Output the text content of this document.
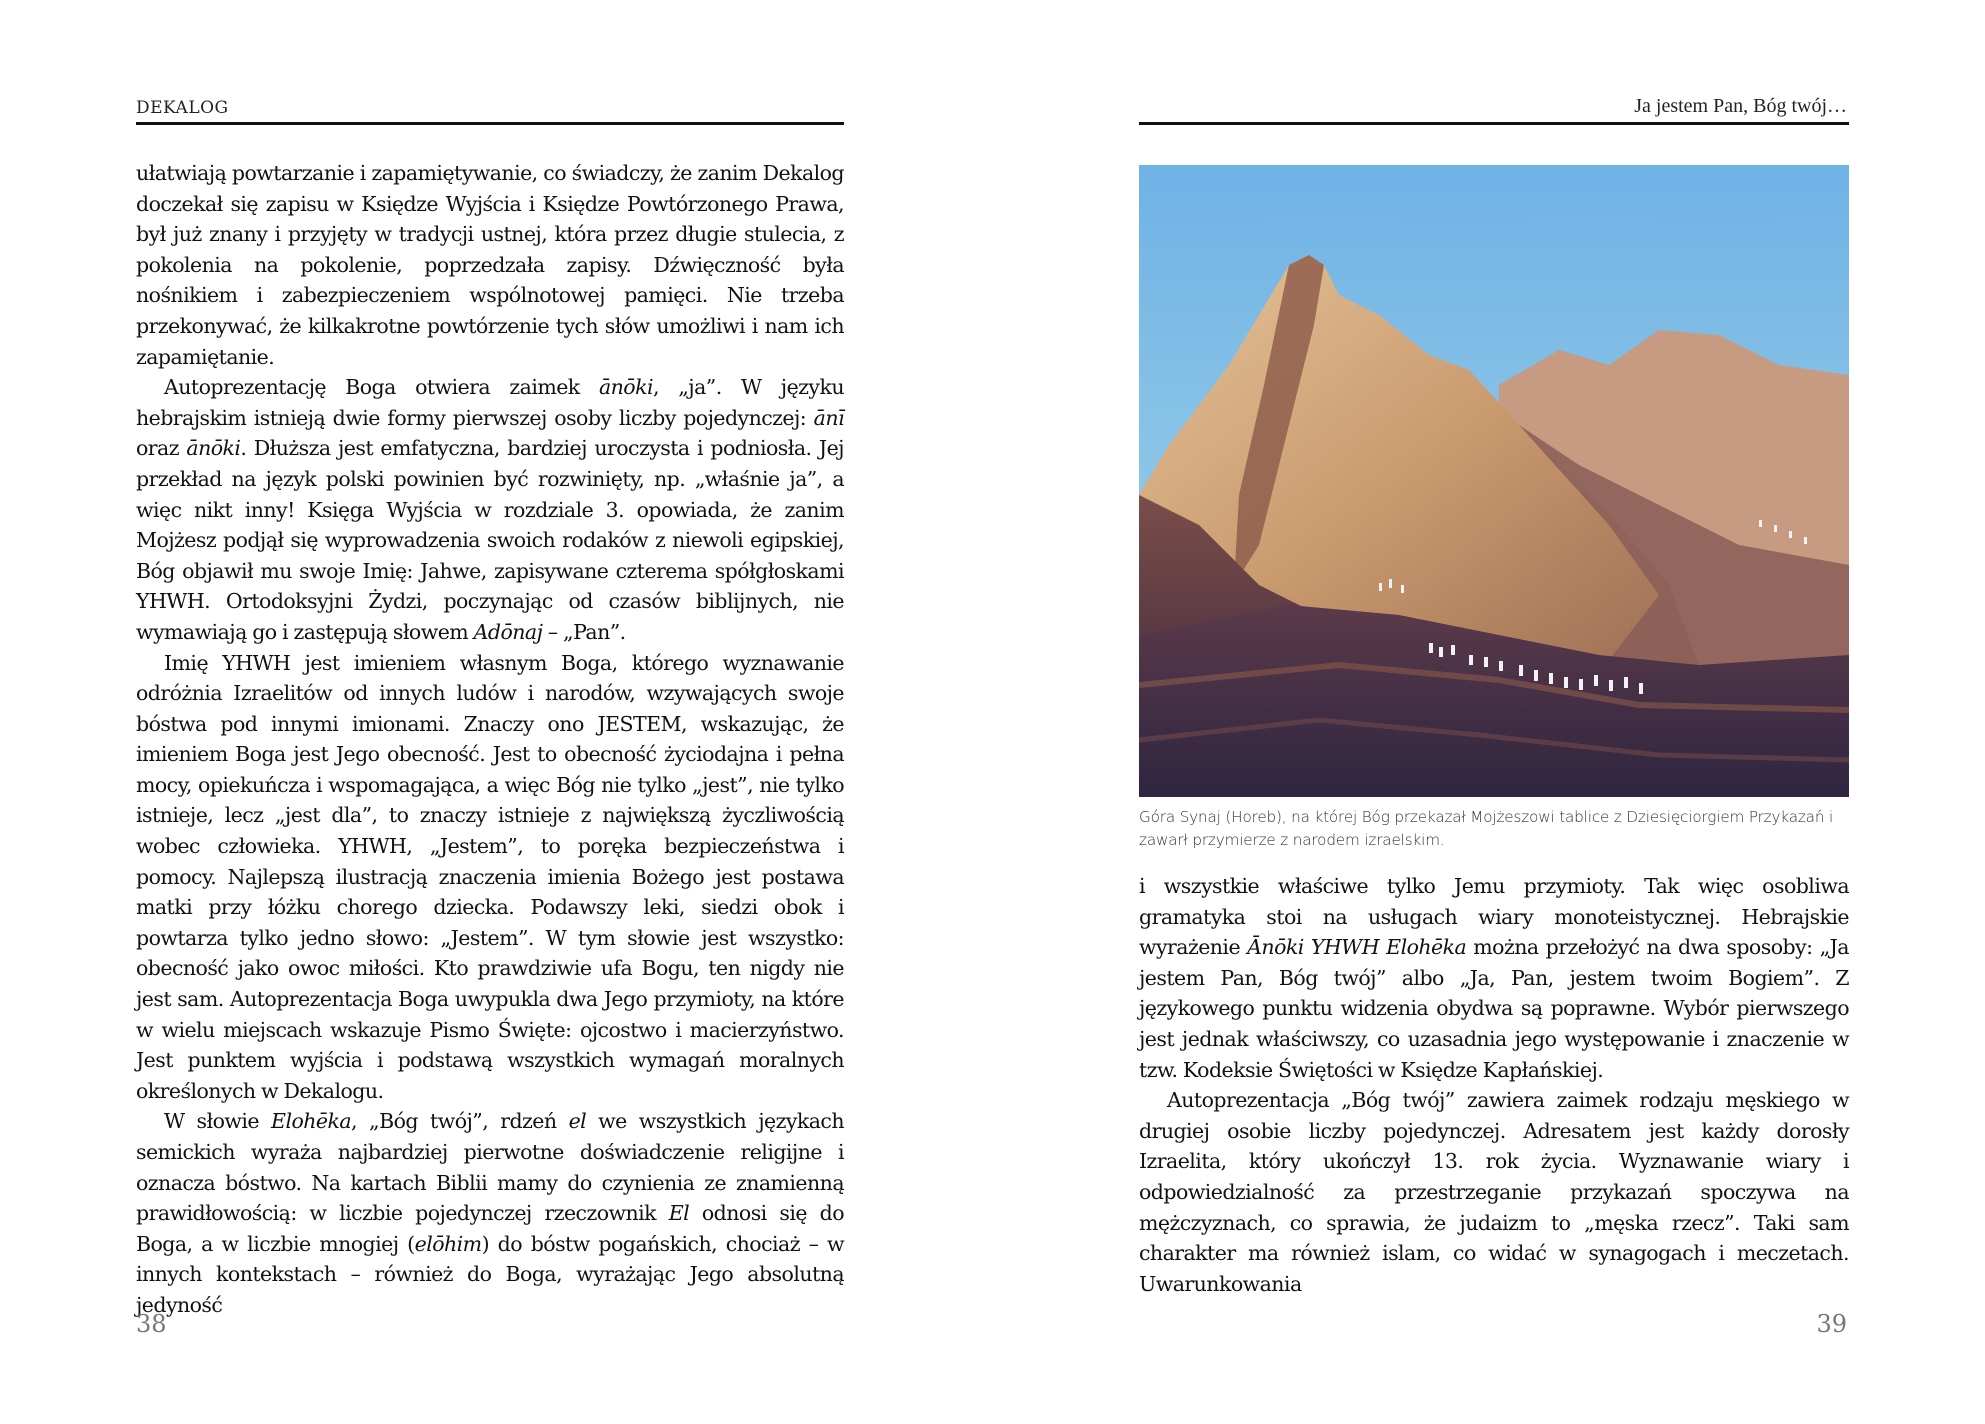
DEKALOG

ułatwiają powtarzanie i zapamiętywanie, co świadczy, że zanim Dekalog doczekał się zapisu w Księdze Wyjścia i Księdze Powtórzonego Prawa, był już znany i przyjęty w tradycji ustnej, która przez długie stulecia, z pokolenia na pokolenie, poprzedzała zapisy. Dźwięczność była nośnikiem i zabezpieczeniem wspólnotowej pamięci. Nie trzeba przekonywać, że kilkakrotne powtórzenie tych słów umożliwi i nam ich zapamiętanie.

Autoprezentację Boga otwiera zaimek ānōki, „ja”. W języku hebrajskim istnieją dwie formy pierwszej osoby liczby pojedynczej: ānī oraz ānōki. Dłuższa jest emfatyczna, bardziej uroczysta i podniosła. Jej przekład na język polski powinien być rozwinięty, np. „właśnie ja”, a więc nikt inny! Księga Wyjścia w rozdziale 3. opowiada, że zanim Mojżesz podjął się wyprowadzenia swoich rodaków z niewoli egipskiej, Bóg objawił mu swoje Imię: Jahwe, zapisywane czterema spółgłoskami YHWH. Ortodoksyjni Żydzi, poczynając od czasów biblijnych, nie wymawiają go i zastępują słowem Adōnaj – „Pan”.

Imię YHWH jest imieniem własnym Boga, którego wyznawanie odróżnia Izraelitów od innych ludów i narodów, wzywających swoje bóstwa pod innymi imionami. Znaczy ono JESTEM, wskazując, że imieniem Boga jest Jego obecność. Jest to obecność życiodajna i pełna mocy, opiekuńcza i wspomagająca, a więc Bóg nie tylko „jest”, nie tylko istnieje, lecz „jest dla”, to znaczy istnieje z największą życzliwością wobec człowieka. YHWH, „Jestem”, to poręka bezpieczeństwa i pomocy. Najlepszą ilustracją znaczenia imienia Bożego jest postawa matki przy łóżku chorego dziecka. Podawszy leki, siedzi obok i powtarza tylko jedno słowo: „Jestem”. W tym słowie jest wszystko: obecność jako owoc miłości. Kto prawdziwie ufa Bogu, ten nigdy nie jest sam. Autoprezentacja Boga uwypukla dwa Jego przymioty, na które w wielu miejscach wskazuje Pismo Święte: ojcostwo i macierzyństwo. Jest punktem wyjścia i podstawą wszystkich wymagań moralnych określonych w Dekalogu.

W słowie Elohēka, „Bóg twój”, rdzeń el we wszystkich językach semickich wyraża najbardziej pierwotne doświadczenie religijne i oznacza bóstwo. Na kartach Biblii mamy do czynienia ze znamienną prawidłowością: w liczbie pojedynczej rzeczownik El odnosi się do Boga, a w liczbie mnogiej (elōhim) do bóstw pogańskich, chociaż – w innych kontekstach – również do Boga, wyrażając Jego absolutną jedyność

38
Ja jestem Pan, Bóg twój…
Góra Synaj (Horeb), na której Bóg przekazał Mojżeszowi tablice z Dziesięciorgiem Przykazań i zawarł przymierze z narodem izraelskim.

i wszystkie właściwe tylko Jemu przymioty. Tak więc osobliwa gramatyka stoi na usługach wiary monoteistycznej. Hebrajskie wyrażenie Ānōki YHWH Elohēka można przełożyć na dwa sposoby: „Ja jestem Pan, Bóg twój” albo „Ja, Pan, jestem twoim Bogiem”. Z językowego punktu widzenia obydwa są poprawne. Wybór pierwszego jest jednak właściwszy, co uzasadnia jego występowanie i znaczenie w tzw. Kodeksie Świętości w Księdze Kapłańskiej.

Autoprezentacja „Bóg twój” zawiera zaimek rodzaju męskiego w drugiej osobie liczby pojedynczej. Adresatem jest każdy dorosły Izraelita, który ukończył 13. rok życia. Wyznawanie wiary i odpowiedzialność za przestrzeganie przykazań spoczywa na mężczyznach, co sprawia, że judaizm to „męska rzecz”. Taki sam charakter ma również islam, co widać w synagogach i meczetach. Uwarunkowania

39
